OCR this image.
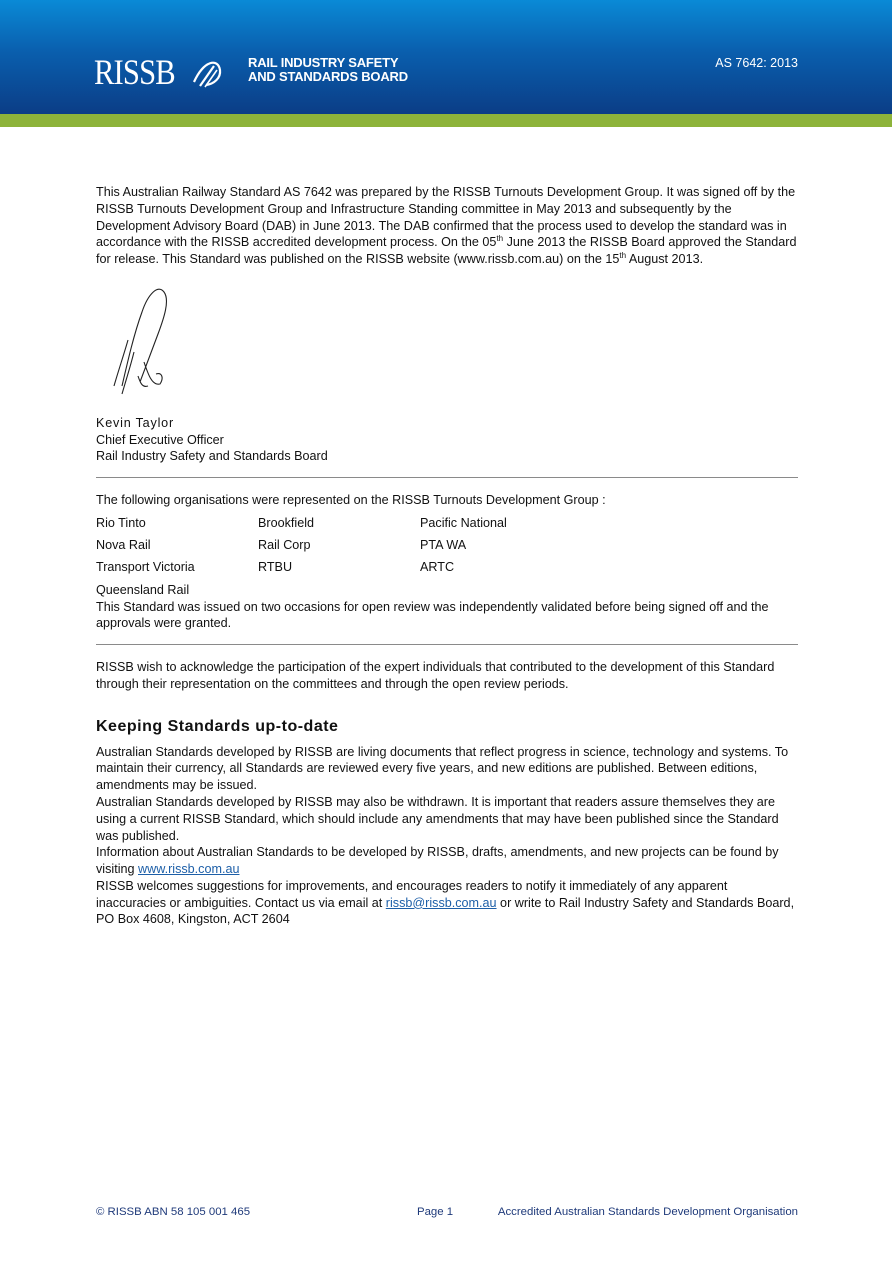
RISSB	RAIL INDUSTRY SAFETY
AND STANDARDS BOARD
AS 7642: 2013

This Australian Railway Standard AS 7642 was prepared by the RISSB Turnouts Development Group. It was signed off by the RISSB Turnouts Development Group and Infrastructure Standing committee in May 2013 and subsequently by the Development Advisory Board (DAB) in June 2013. The DAB confirmed that the process used to develop the standard was in accordance with the RISSB accredited development process. On the 05th June 2013 the RISSB Board approved the Standard for release. This Standard was published on the RISSB website (www.rissb.com.au) on the 15th August 2013.

Kevin Taylor
Chief Executive Officer
Rail Industry Safety and Standards Board

The following organisations were represented on the RISSB Turnouts Development Group :

Rio Tinto	Brookfield	Pacific National
Nova Rail	Rail Corp	PTA WA
Transport Victoria	RTBU	ARTC
Queensland Rail

This Standard was issued on two occasions for open review was independently validated before being signed off and the approvals were granted.

RISSB wish to acknowledge the participation of the expert individuals that contributed to the development of this Standard through their representation on the committees and through the open review periods.

Keeping Standards up-to-date

Australian Standards developed by RISSB are living documents that reflect progress in science, technology and systems. To maintain their currency, all Standards are reviewed every five years, and new editions are published. Between editions, amendments may be issued.

Australian Standards developed by RISSB may also be withdrawn. It is important that readers assure themselves they are using a current RISSB Standard, which should include any amendments that may have been published since the Standard was published.

Information about Australian Standards to be developed by RISSB, drafts, amendments, and new projects can be found by visiting www.rissb.com.au

RISSB welcomes suggestions for improvements, and encourages readers to notify it immediately of any apparent inaccuracies or ambiguities. Contact us via email at rissb@rissb.com.au or write to Rail Industry Safety and Standards Board, PO Box 4608, Kingston, ACT 2604

© RISSB ABN 58 105 001 465	Page 1	Accredited Australian Standards Development Organisation
